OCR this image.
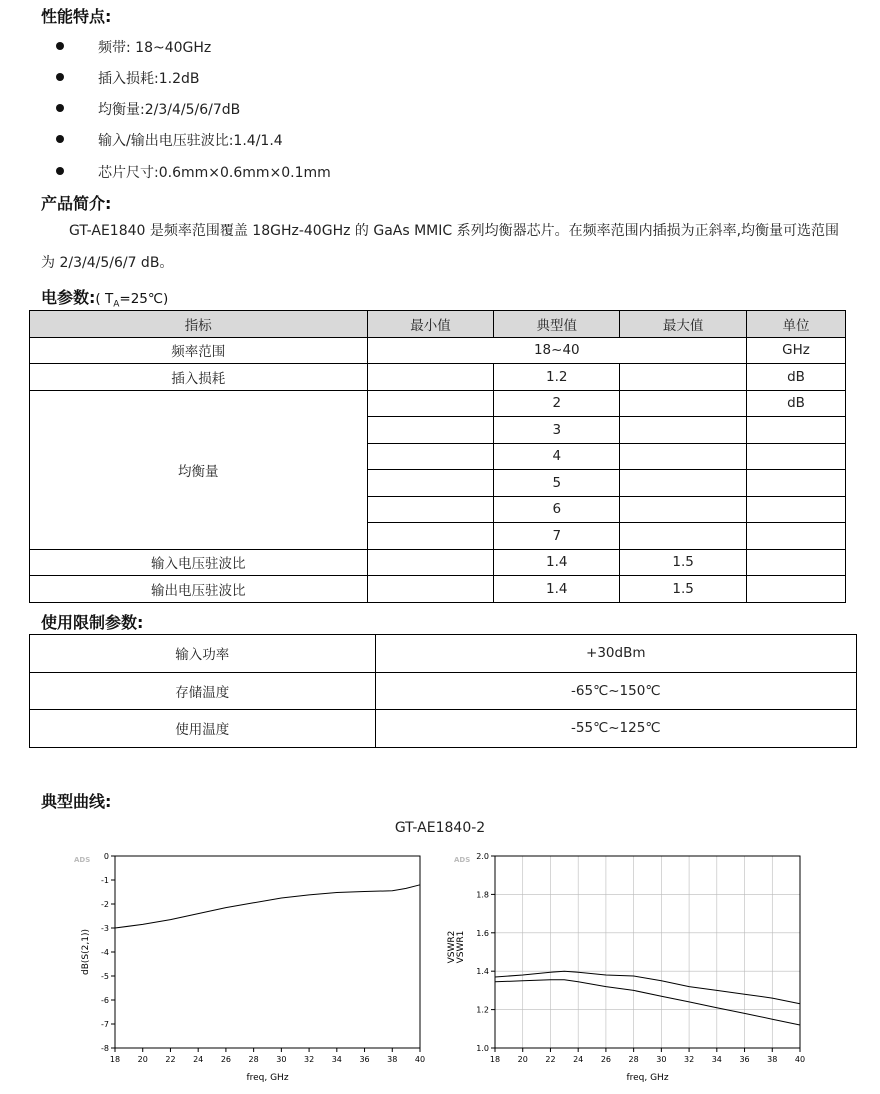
性能特点:
频带: 18~40GHz
插入损耗:1.2dB
均衡量:2/3/4/5/6/7dB
输入/输出电压驻波比:1.4/1.4
芯片尺寸:0.6mm×0.6mm×0.1mm
产品简介:
GT-AE1840 是频率范围覆盖 18GHz-40GHz 的 GaAs MMIC 系列均衡器芯片。在频率范围内插损为正斜率,均衡量可选范围为 2/3/4/5/6/7 dB。
电参数:( $T_A=25℃$)
指标	最小值	典型值	最大值	单位
频率范围	18~40			GHz
插入损耗		1.2		dB
均衡量		2		dB
		3		
		4		
		5		
		6		
		7		
输入电压驻波比		1.4	1.5	
输出电压驻波比		1.4	1.5	
使用限制参数:
输入功率	+30dBm
存储温度	-65℃~150℃
使用温度	-55℃~125℃
典型曲线:
GT-AE1840-2
ADS
18 20 22 24 26 28 30 32 34 36 38 40
0
-1
-2
-3
-4
-5
-6
-7
-8
freq, GHz
dB(S(2,1))
ADS
18 20 22 24 26 28 30 32 34 36 38 40
2.0
1.8
1.6
1.4
1.2
1.0
freq, GHz
VSWR2 VSWR1
